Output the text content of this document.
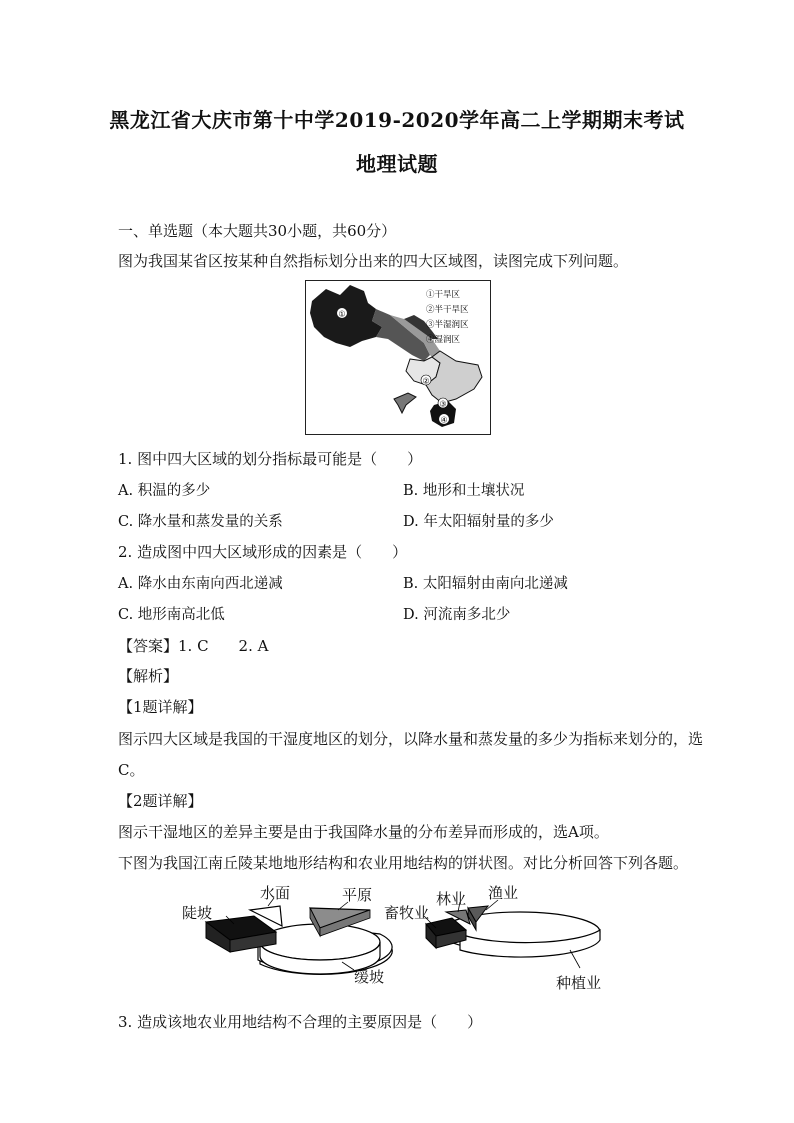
黑龙江省大庆市第十中学2019-2020学年高二上学期期末考试
地理试题
一、单选题（本大题共30小题，共60分）
图为我国某省区按某种自然指标划分出来的四大区域图，读图完成下列问题。
①
②
③
④
①干旱区
②半干旱区
③半湿润区
④湿润区
1. 图中四大区域的划分指标最可能是（　　）
A. 积温的多少	B. 地形和土壤状况
C. 降水量和蒸发量的关系	D. 年太阳辐射量的多少
2. 造成图中四大区域形成的因素是（　　）
A. 降水由东南向西北递减	B. 太阳辐射由南向北递减
C. 地形南高北低	D. 河流南多北少
【答案】1. C　　2. A
【解析】
【1题详解】
图示四大区域是我国的干湿度地区的划分，以降水量和蒸发量的多少为指标来划分的，选
C。
【2题详解】
图示干湿地区的差异主要是由于我国降水量的分布差异而形成的，选A项。
下图为我国江南丘陵某地地形结构和农业用地结构的饼状图。对比分析回答下列各题。
陡坡
水面	平原
缓坡
林业 渔业
畜牧业
种植业
3. 造成该地农业用地结构不合理的主要原因是（　　）
